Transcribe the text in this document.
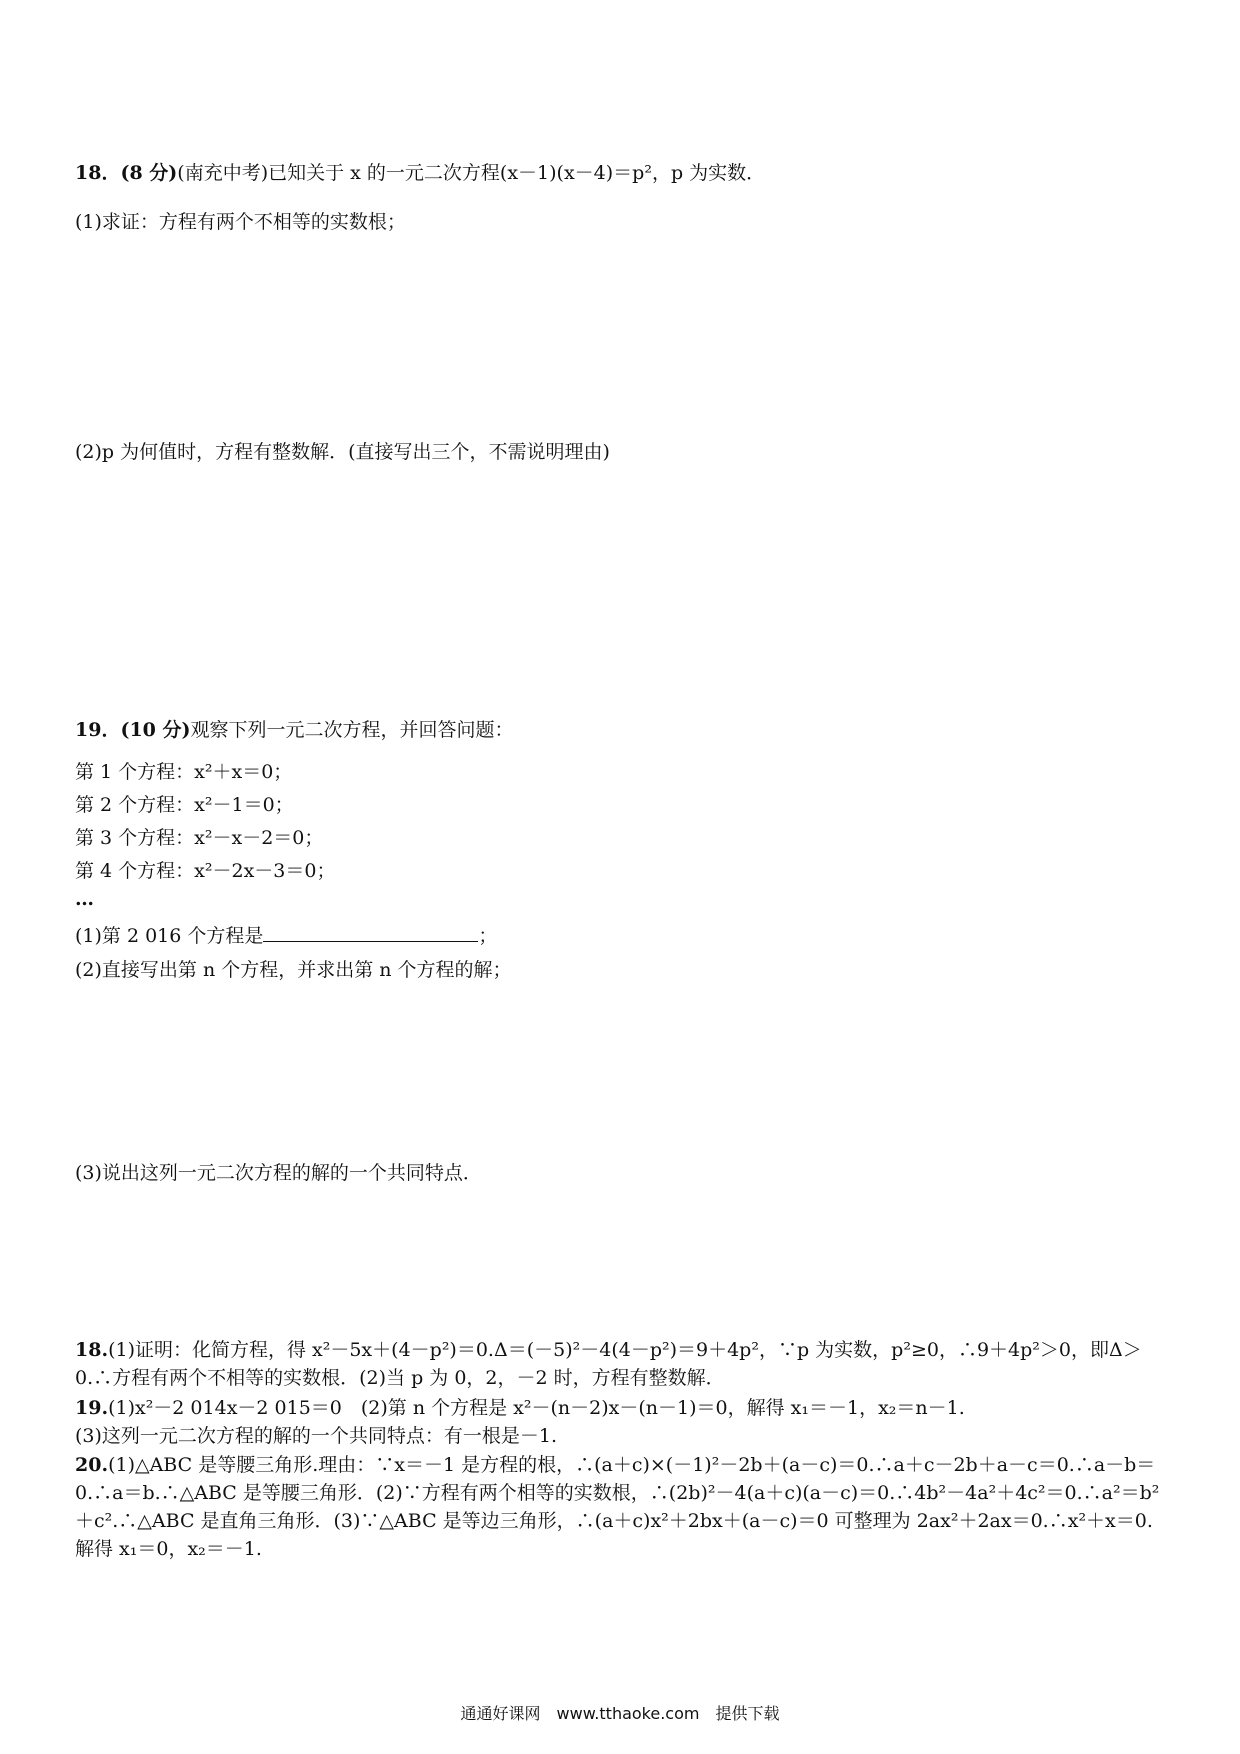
18．(8 分)(南充中考)已知关于 x 的一元二次方程(x－1)(x－4)＝p²，p 为实数．
(1)求证：方程有两个不相等的实数根；
(2)p 为何值时，方程有整数解．(直接写出三个，不需说明理由)
19．(10 分)观察下列一元二次方程，并回答问题：
第 1 个方程：x²＋x＝0；
第 2 个方程：x²－1＝0；
第 3 个方程：x²－x－2＝0；
第 4 个方程：x²－2x－3＝0；
…
(1)第 2 016 个方程是	；
(2)直接写出第 n 个方程，并求出第 n 个方程的解；
(3)说出这列一元二次方程的解的一个共同特点．
18.(1)证明：化简方程，得 x²－5x＋(4－p²)＝0.Δ＝(－5)²－4(4－p²)＝9＋4p²，∵p 为实数，p²≥0，∴9＋4p²＞0，即Δ＞0.∴方程有两个不相等的实数根．(2)当 p 为 0，2，－2 时，方程有整数解．
19.(1)x²－2 014x－2 015＝0　(2)第 n 个方程是 x²－(n－2)x－(n－1)＝0，解得 x₁＝－1，x₂＝n－1.
(3)这列一元二次方程的解的一个共同特点：有一根是－1.
20.(1)△ABC 是等腰三角形.理由：∵x＝－1 是方程的根，∴(a＋c)×(－1)²－2b＋(a－c)＝0.∴a＋c－2b＋a－c＝0.∴a－b＝0.∴a＝b.∴△ABC 是等腰三角形．(2)∵方程有两个相等的实数根，∴(2b)²－4(a＋c)(a－c)＝0.∴4b²－4a²＋4c²＝0.∴a²＝b²＋c².∴△ABC 是直角三角形．(3)∵△ABC 是等边三角形，∴(a＋c)x²＋2bx＋(a－c)＝0 可整理为 2ax²＋2ax＝0.∴x²＋x＝0.解得 x₁＝0，x₂＝－1.
通通好课网　www.tthaoke.com　提供下载
